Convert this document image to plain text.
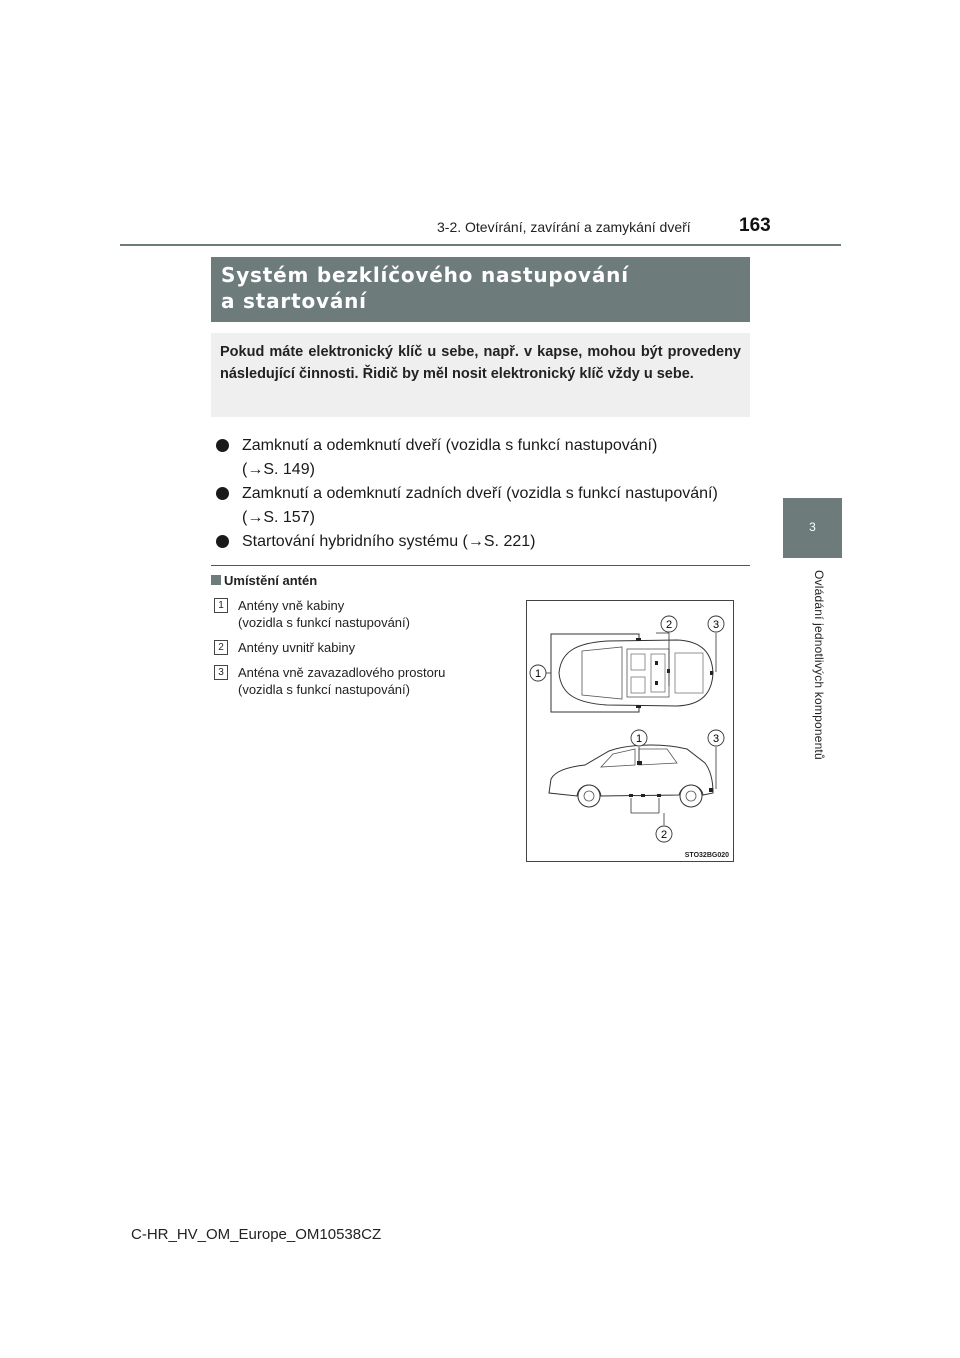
3-2. Otevírání, zavírání a zamykání dveří	163
3
Ovládání jednotlivých komponentů
Systém bezklíčového nastupování
a startování
Pokud máte elektronický klíč u sebe, např. v kapse, mohou být provedeny následující činnosti. Řidič by měl nosit elektronický klíč vždy u sebe.
Zamknutí a odemknutí dveří (vozidla s funkcí nastupování)
(→S. 149)
Zamknutí a odemknutí zadních dveří (vozidla s funkcí nastupování)
(→S. 157)
Startování hybridního systému (→S. 221)
Umístění antén
1	Antény vně kabiny
(vozidla s funkcí nastupování)
2	Antény uvnitř kabiny
3	Anténa vně zavazadlového prostoru
(vozidla s funkcí nastupování)
1
2	3
1	3
2
STO32BG020
C-HR_HV_OM_Europe_OM10538CZ
